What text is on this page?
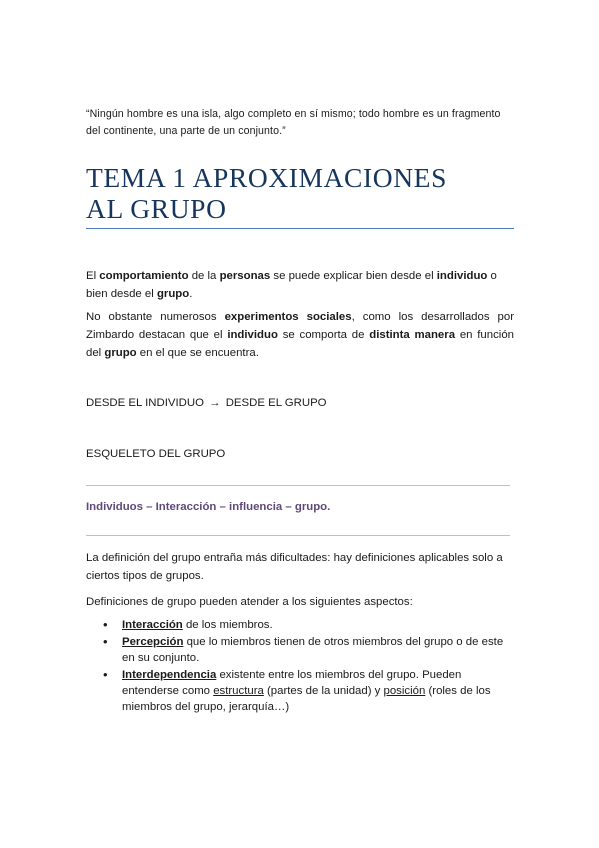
“Ningún hombre es una isla, algo completo en sí mismo; todo hombre es un fragmento del continente, una parte de un conjunto.”

TEMA 1 APROXIMACIONES
AL GRUPO

El comportamiento de la personas se puede explicar bien desde el individuo o bien desde el grupo.

No obstante numerosos experimentos sociales, como los desarrollados por Zimbardo destacan que el individuo se comporta de distinta manera en función del grupo en el que se encuentra.

DESDE EL INDIVIDUO → DESDE EL GRUPO
ESQUELETO DEL GRUPO
Individuos – Interacción – influencia – grupo.

La definición del grupo entraña más dificultades: hay definiciones aplicables solo a ciertos tipos de grupos.

Definiciones de grupo pueden atender a los siguientes aspectos:

• Interacción de los miembros.
• Percepción que lo miembros tienen de otros miembros del grupo o de este en su conjunto.
• Interdependencia existente entre los miembros del grupo. Pueden entenderse como estructura (partes de la unidad) y posición (roles de los miembros del grupo, jerarquía…)
